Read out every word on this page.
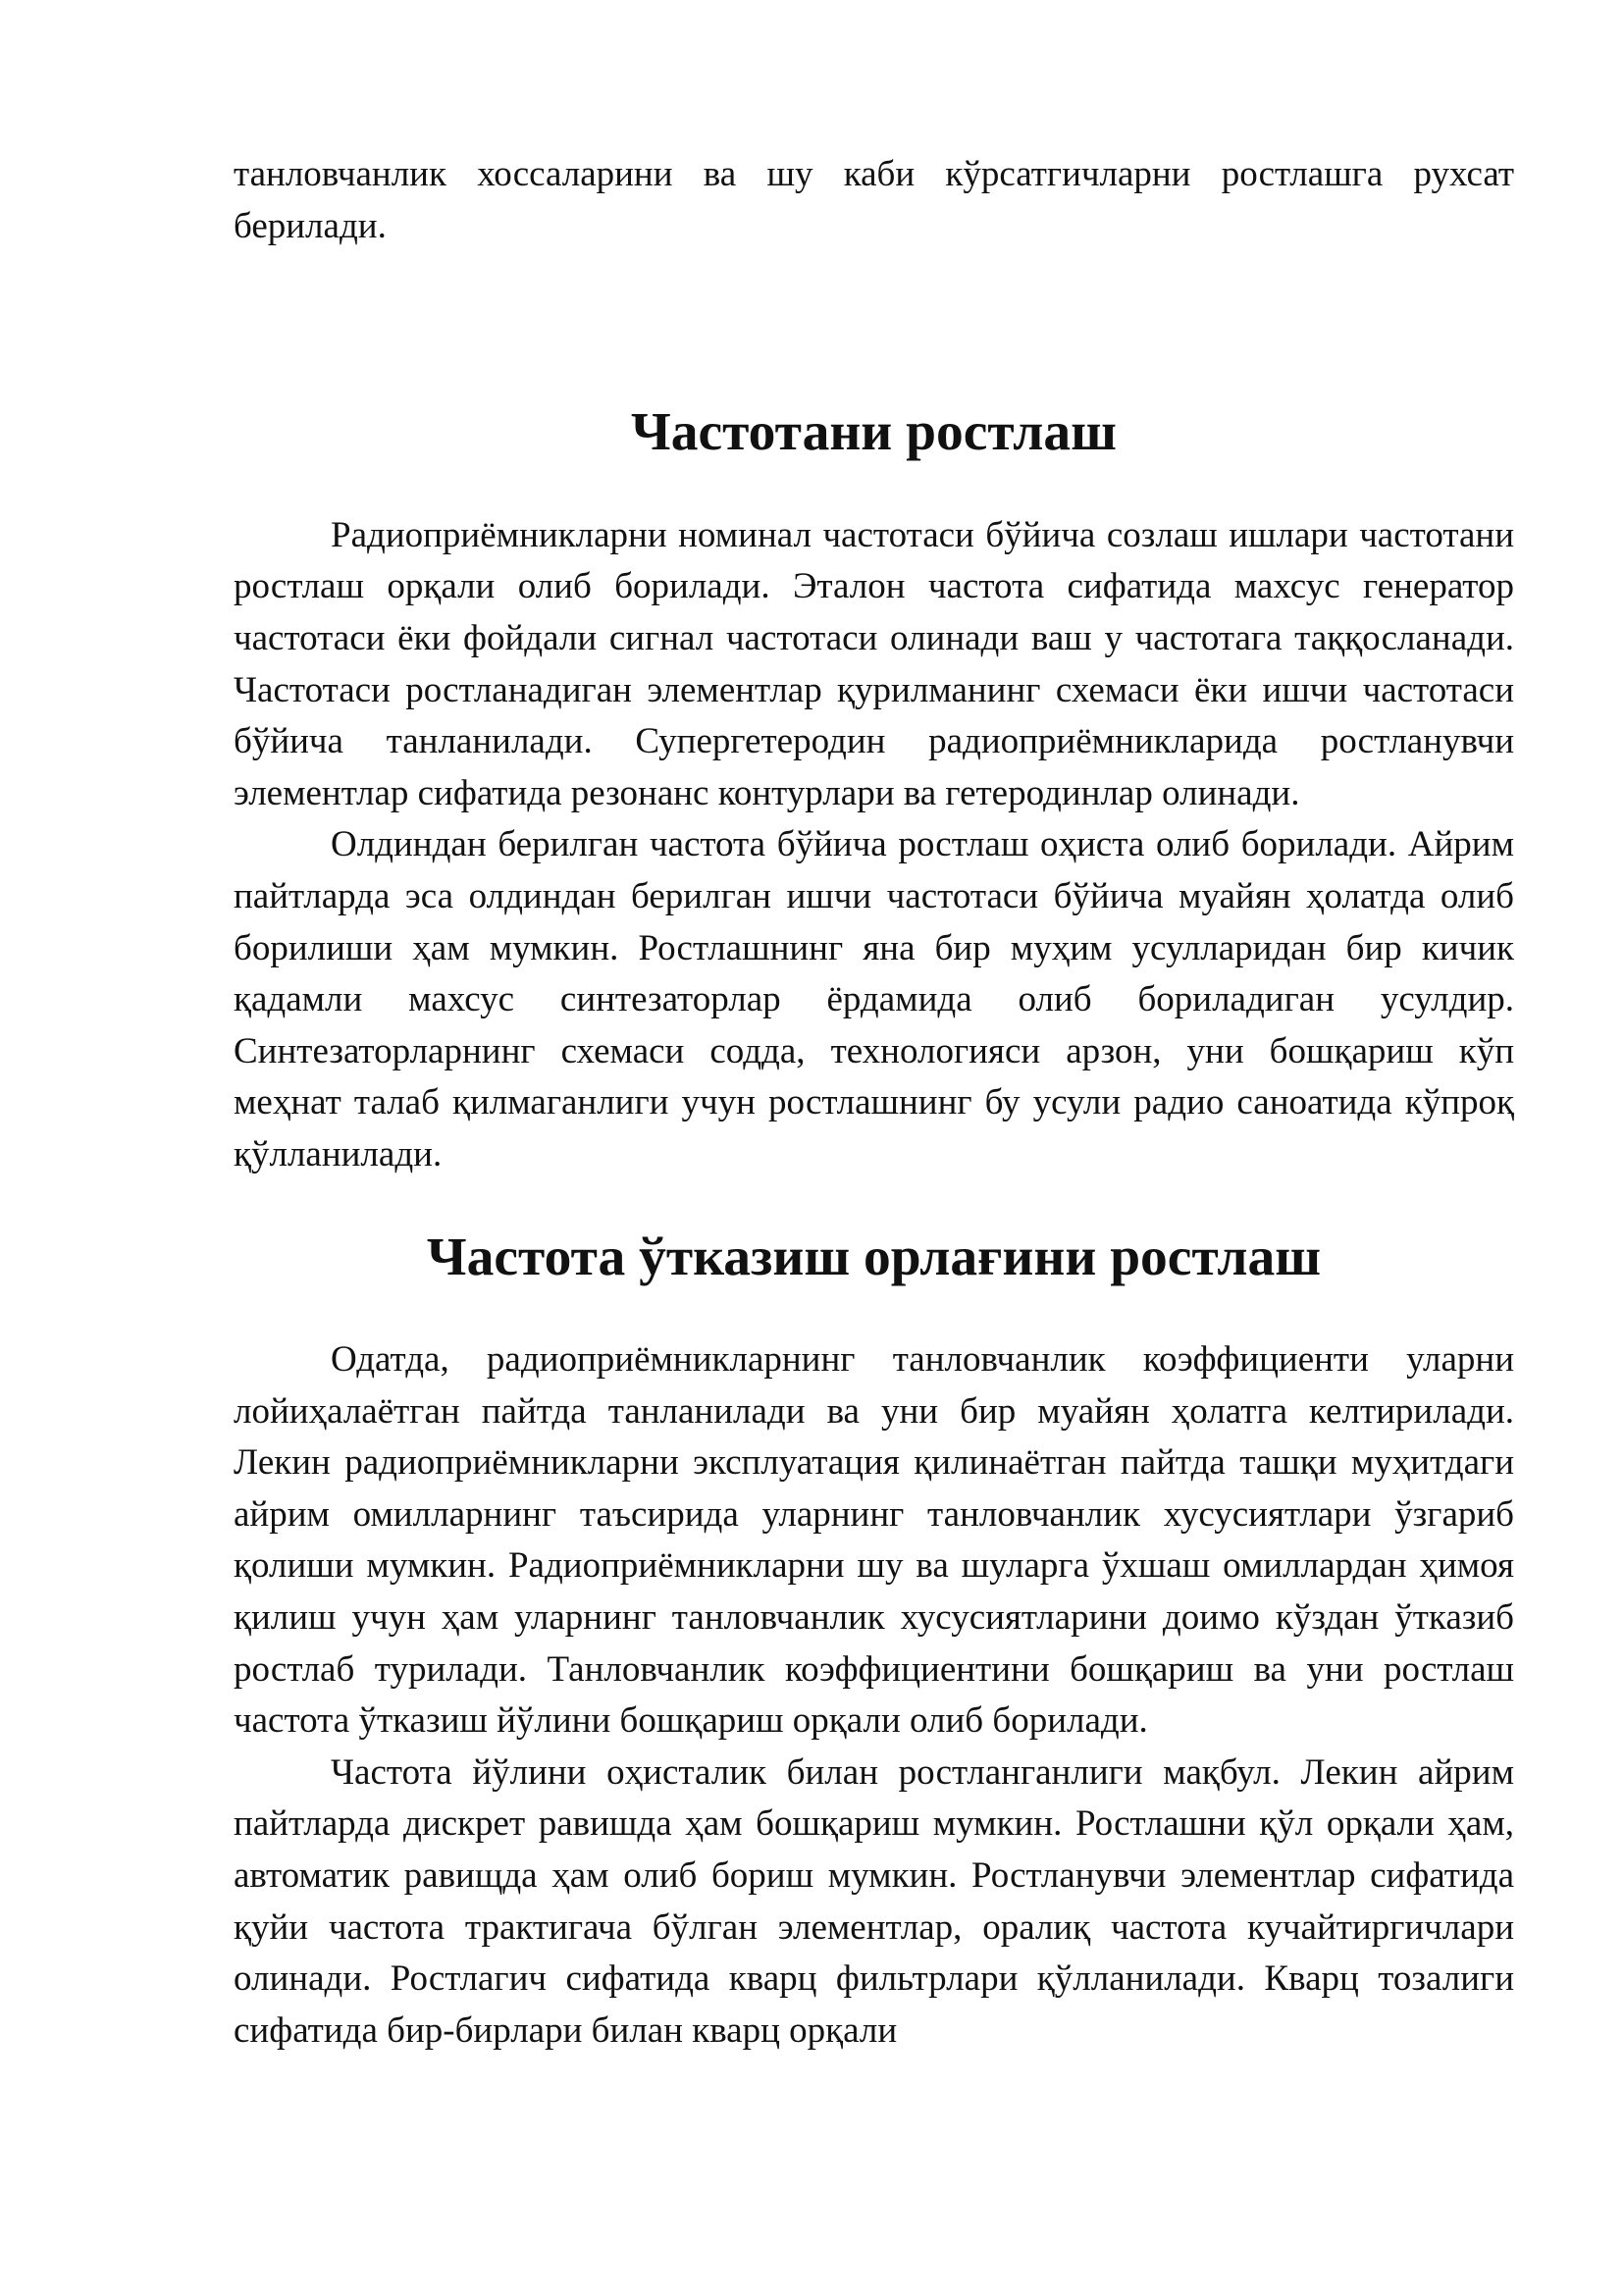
танловчанлик хоссаларини ва шу каби кўрсатгичларни ростлашга рухсат берилади.

Частотани ростлаш

Радиоприёмникларни номинал частотаси бўйича созлаш ишлари частотани ростлаш орқали олиб борилади. Эталон частота сифатида махсус генератор частотаси ёки фойдали сигнал частотаси олинади ваш у частотага таққосланади. Частотаси ростланадиган элементлар қурилманинг схемаси ёки ишчи частотаси бўйича танланилади. Супергетеродин радиоприёмникларида ростланувчи элементлар сифатида резонанс контурлари ва гетеродинлар олинади.

Олдиндан берилган частота бўйича ростлаш оҳиста олиб борилади. Айрим пайтларда эса олдиндан берилган ишчи частотаси бўйича муайян ҳолатда олиб борилиши ҳам мумкин. Ростлашнинг яна бир муҳим усулларидан бир кичик қадамли махсус синтезаторлар ёрдамида олиб бориладиган усулдир. Синтезаторларнинг схемаси содда, технологияси арзон, уни бошқариш кўп меҳнат талаб қилмаганлиги учун ростлашнинг бу усули радио саноатида кўпроқ қўлланилади.

Частота ўтказиш орлағини ростлаш

Одатда, радиоприёмникларнинг танловчанлик коэффициенти уларни лойиҳалаётган пайтда танланилади ва уни бир муайян ҳолатга келтирилади. Лекин радиоприёмникларни эксплуатация қилинаётган пайтда ташқи муҳитдаги айрим омилларнинг таъсирида уларнинг танловчанлик хусусиятлари ўзгариб қолиши мумкин. Радиоприёмникларни шу ва шуларга ўхшаш омиллардан ҳимоя қилиш учун ҳам уларнинг танловчанлик хусусиятларини доимо кўздан ўтказиб ростлаб турилади. Танловчанлик коэффициентини бошқариш ва уни ростлаш частота ўтказиш йўлини бошқариш орқали олиб борилади.

Частота йўлини оҳисталик билан ростланганлиги мақбул. Лекин айрим пайтларда дискрет равишда ҳам бошқариш мумкин. Ростлашни қўл орқали ҳам, автоматик равищда ҳам олиб бориш мумкин. Ростланувчи элементлар сифатида қуйи частота трактигача бўлган элементлар, оралиқ частота кучайтиргичлари олинади. Ростлагич сифатида кварц фильтрлари қўлланилади. Кварц тозалиги сифатида бир-бирлари билан кварц орқали
